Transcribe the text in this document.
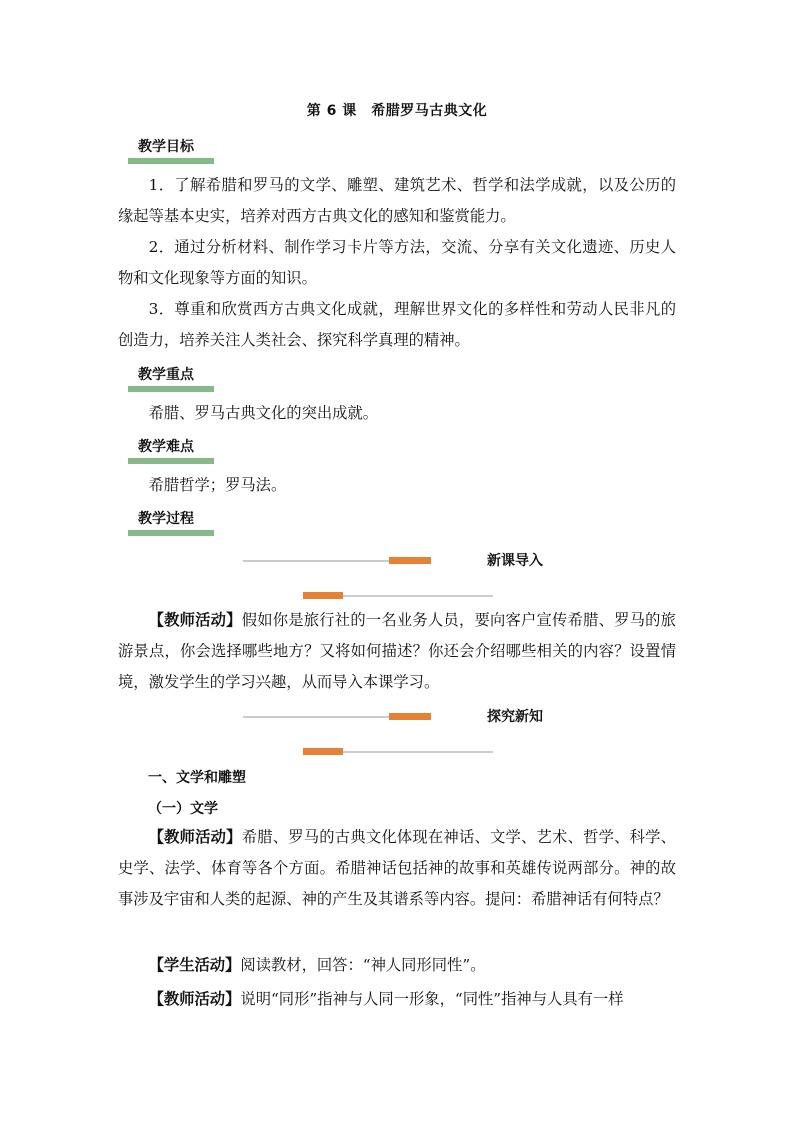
第 6 课　希腊罗马古典文化
教学目标
1．了解希腊和罗马的文学、雕塑、建筑艺术、哲学和法学成就，以及公历的缘起等基本史实，培养对西方古典文化的感知和鉴赏能力。
2．通过分析材料、制作学习卡片等方法，交流、分享有关文化遗迹、历史人物和文化现象等方面的知识。
3．尊重和欣赏西方古典文化成就，理解世界文化的多样性和劳动人民非凡的创造力，培养关注人类社会、探究科学真理的精神。
教学重点
希腊、罗马古典文化的突出成就。
教学难点
希腊哲学；罗马法。
教学过程
新课导入
【教师活动】假如你是旅行社的一名业务人员，要向客户宣传希腊、罗马的旅游景点，你会选择哪些地方？又将如何描述？你还会介绍哪些相关的内容？设置情境，激发学生的学习兴趣，从而导入本课学习。
探究新知
一、文学和雕塑
（一）文学
【教师活动】希腊、罗马的古典文化体现在神话、文学、艺术、哲学、科学、史学、法学、体育等各个方面。希腊神话包括神的故事和英雄传说两部分。神的故事涉及宇宙和人类的起源、神的产生及其谱系等内容。提问：希腊神话有何特点？
【学生活动】阅读教材，回答：“神人同形同性”。
【教师活动】说明“同形”指神与人同一形象，“同性”指神与人具有一样
